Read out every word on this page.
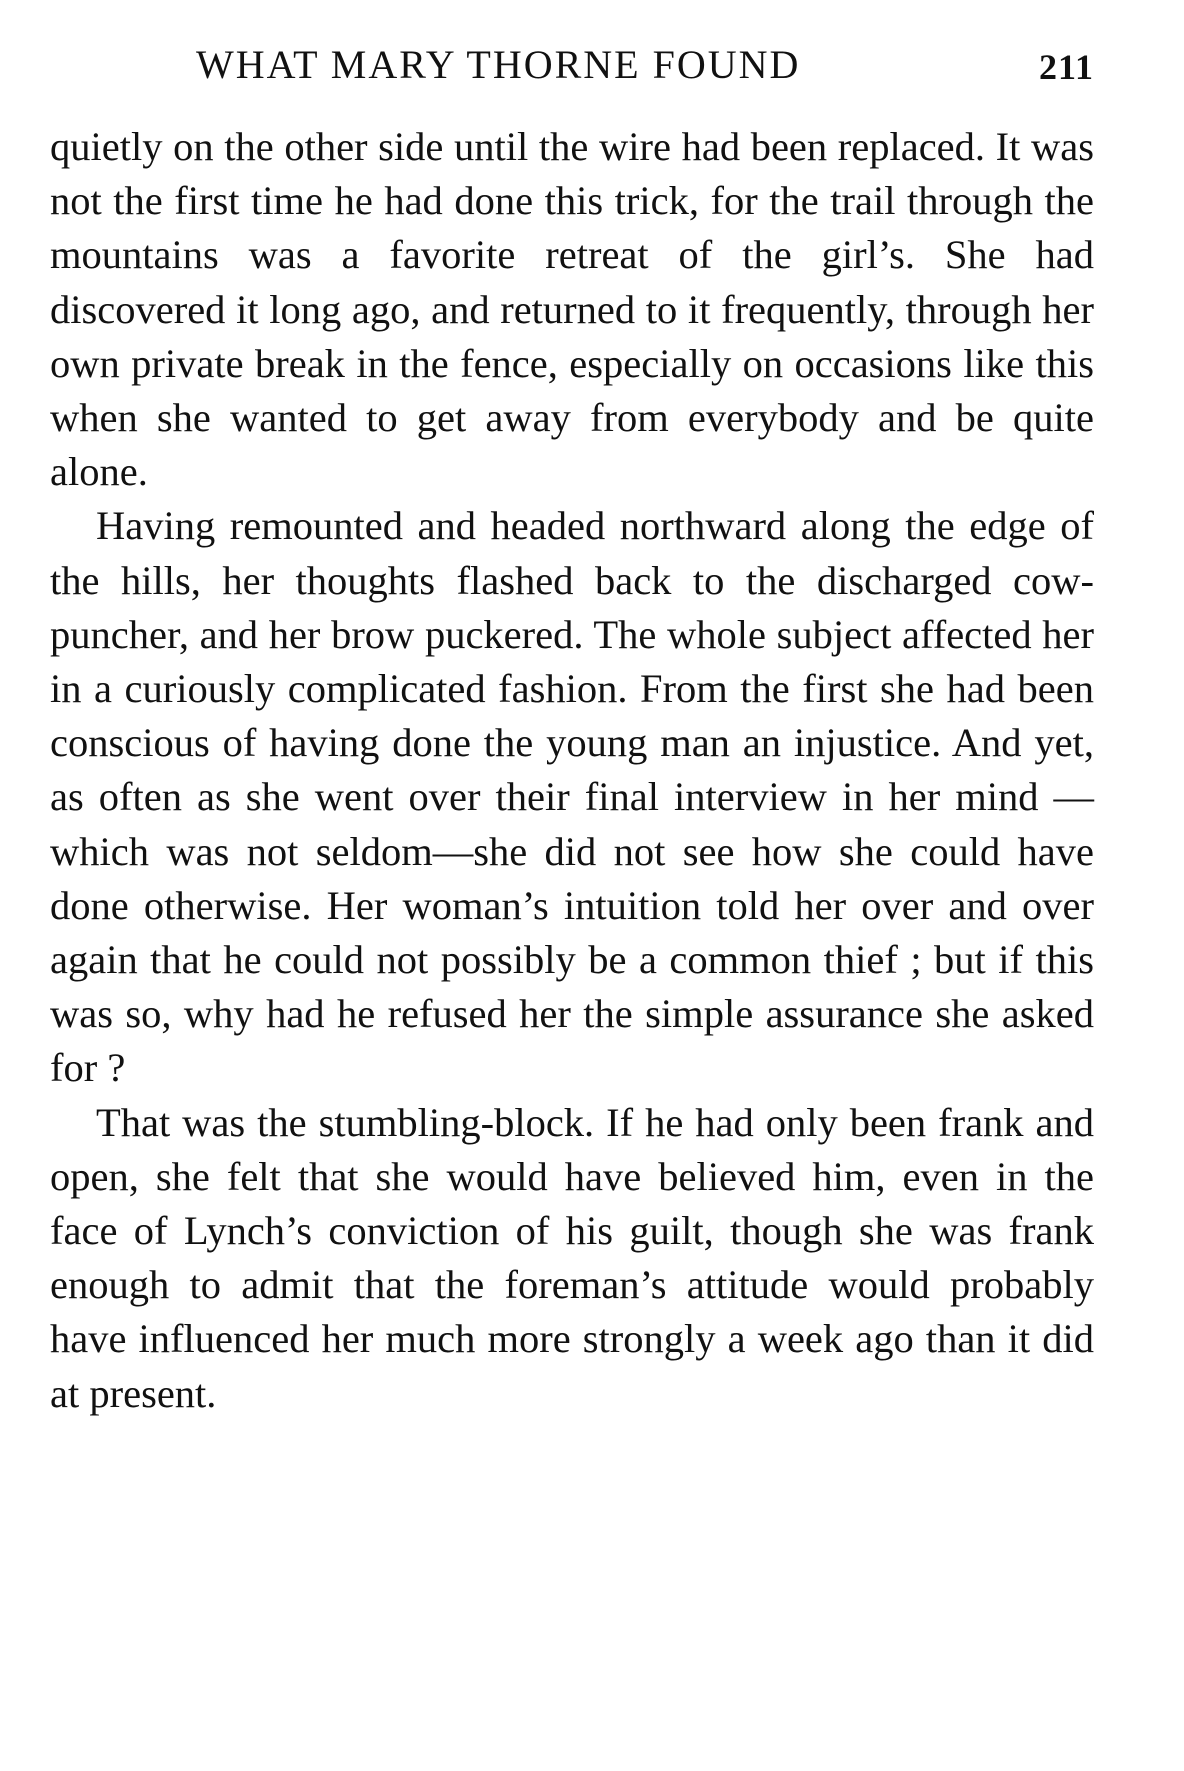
WHAT MARY THORNE FOUND	211

quietly on the other side until the wire had been replaced. It was not the first time he had done this trick, for the trail through the mountains was a favorite retreat of the girl’s. She had discovered it long ago, and returned to it frequently, through her own private break in the fence, especially on occasions like this when she wanted to get away from everybody and be quite alone.

Having remounted and headed northward along the edge of the hills, her thoughts flashed back to the discharged cow-puncher, and her brow puckered. The whole subject affected her in a curiously complicated fashion. From the first she had been conscious of having done the young man an injustice. And yet, as often as she went over their final interview in her mind —which was not seldom—she did not see how she could have done otherwise. Her woman’s intuition told her over and over again that he could not possibly be a common thief ; but if this was so, why had he refused her the simple assurance she asked for ?

That was the stumbling-block. If he had only been frank and open, she felt that she would have believed him, even in the face of Lynch’s conviction of his guilt, though she was frank enough to admit that the foreman’s attitude would probably have influenced her much more strongly a week ago than it did at present.
